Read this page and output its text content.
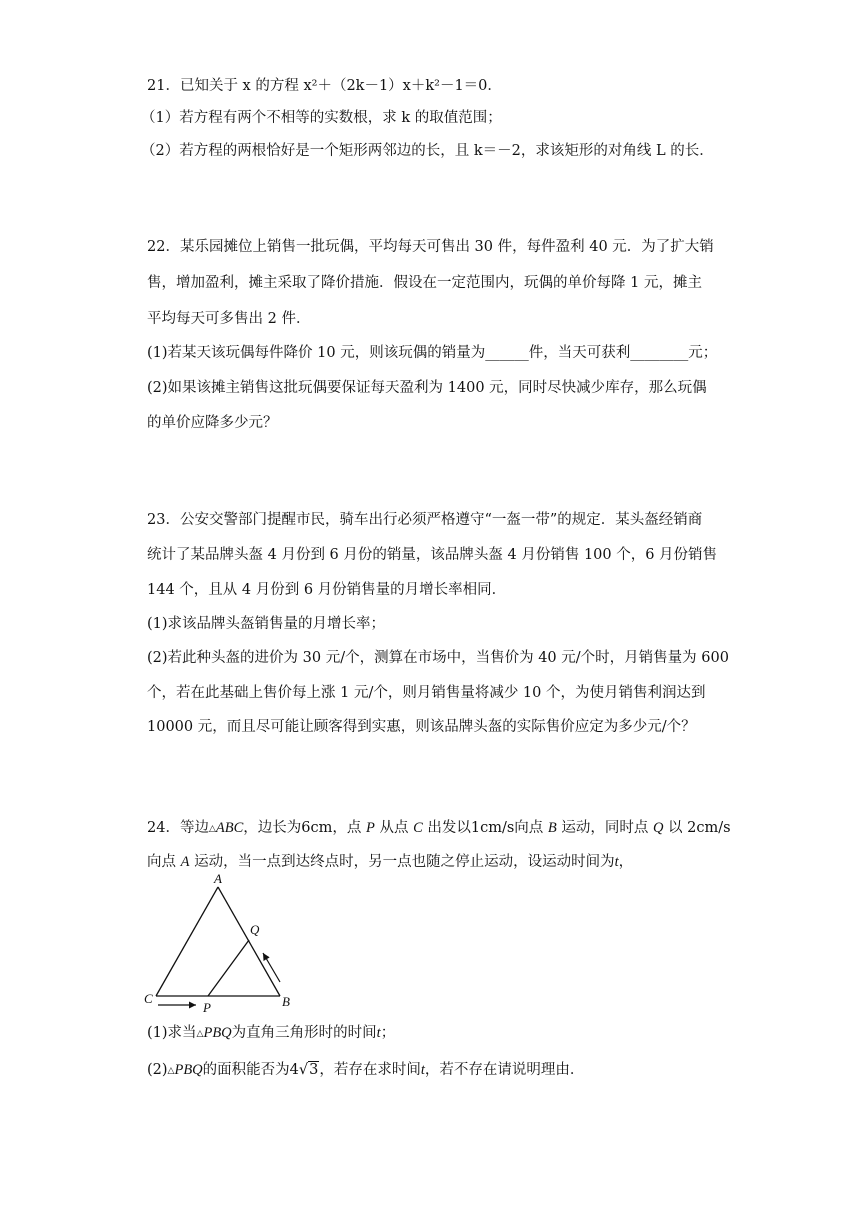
21．已知关于 x 的方程 x²＋（2k－1）x＋k²－1＝0．
（1）若方程有两个不相等的实数根，求 k 的取值范围；
（2）若方程的两根恰好是一个矩形两邻边的长，且 k＝－2，求该矩形的对角线 L 的长．
22．某乐园摊位上销售一批玩偶，平均每天可售出 30 件，每件盈利 40 元．为了扩大销
售，增加盈利，摊主采取了降价措施．假设在一定范围内，玩偶的单价每降 1 元，摊主
平均每天可多售出 2 件．
(1)若某天该玩偶每件降价 10 元，则该玩偶的销量为______件，当天可获利________元；
(2)如果该摊主销售这批玩偶要保证每天盈利为 1400 元，同时尽快减少库存，那么玩偶
的单价应降多少元？
23．公安交警部门提醒市民，骑车出行必须严格遵守“一盔一带”的规定．某头盔经销商
统计了某品牌头盔 4 月份到 6 月份的销量，该品牌头盔 4 月份销售 100 个，6 月份销售
144 个，且从 4 月份到 6 月份销售量的月增长率相同．
(1)求该品牌头盔销售量的月增长率；
(2)若此种头盔的进价为 30 元/个，测算在市场中，当售价为 40 元/个时，月销售量为 600
个，若在此基础上售价每上涨 1 元/个，则月销售量将减少 10 个，为使月销售利润达到
10000 元，而且尽可能让顾客得到实惠，则该品牌头盔的实际售价应定为多少元/个？
24．等边△ABC，边长为6cm，点 P 从点 C 出发以1cm/s向点 B 运动，同时点 Q 以 2cm/s
向点 A 运动，当一点到达终点时，另一点也随之停止运动，设运动时间为t，
A
B
C
P
Q
(1)求当△PBQ为直角三角形时的时间t；
(2)△PBQ的面积能否为4√3，若存在求时间t，若不存在请说明理由．
